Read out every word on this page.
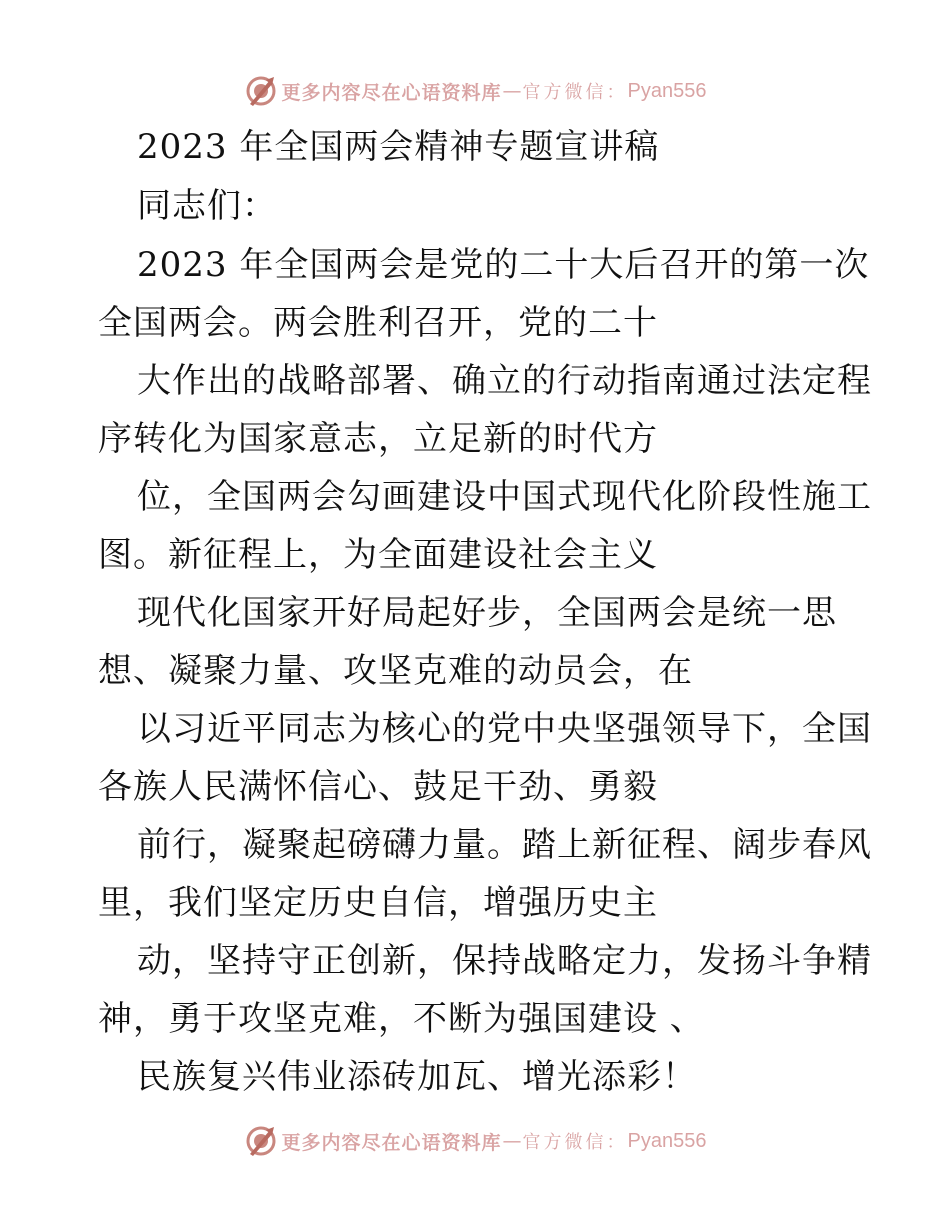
更多内容尽在心语资料库 — 官方微信： Pyan556

2023 年全国两会精神专题宣讲稿

同志们：

2023 年全国两会是党的二十大后召开的第一次

全国两会。两会胜利召开，党的二十

大作出的战略部署、确立的行动指南通过法定程

序转化为国家意志，立足新的时代方

位，全国两会勾画建设中国式现代化阶段性施工

图。新征程上，为全面建设社会主义

现代化国家开好局起好步，全国两会是统一思

想、凝聚力量、攻坚克难的动员会，在

以习近平同志为核心的党中央坚强领导下，全国

各族人民满怀信心、鼓足干劲、勇毅

前行，凝聚起磅礴力量。踏上新征程、阔步春风

里，我们坚定历史自信，增强历史主

动，坚持守正创新，保持战略定力，发扬斗争精

神，勇于攻坚克难，不断为强国建设 、

民族复兴伟业添砖加瓦、增光添彩！

更多内容尽在心语资料库 — 官方微信： Pyan556
